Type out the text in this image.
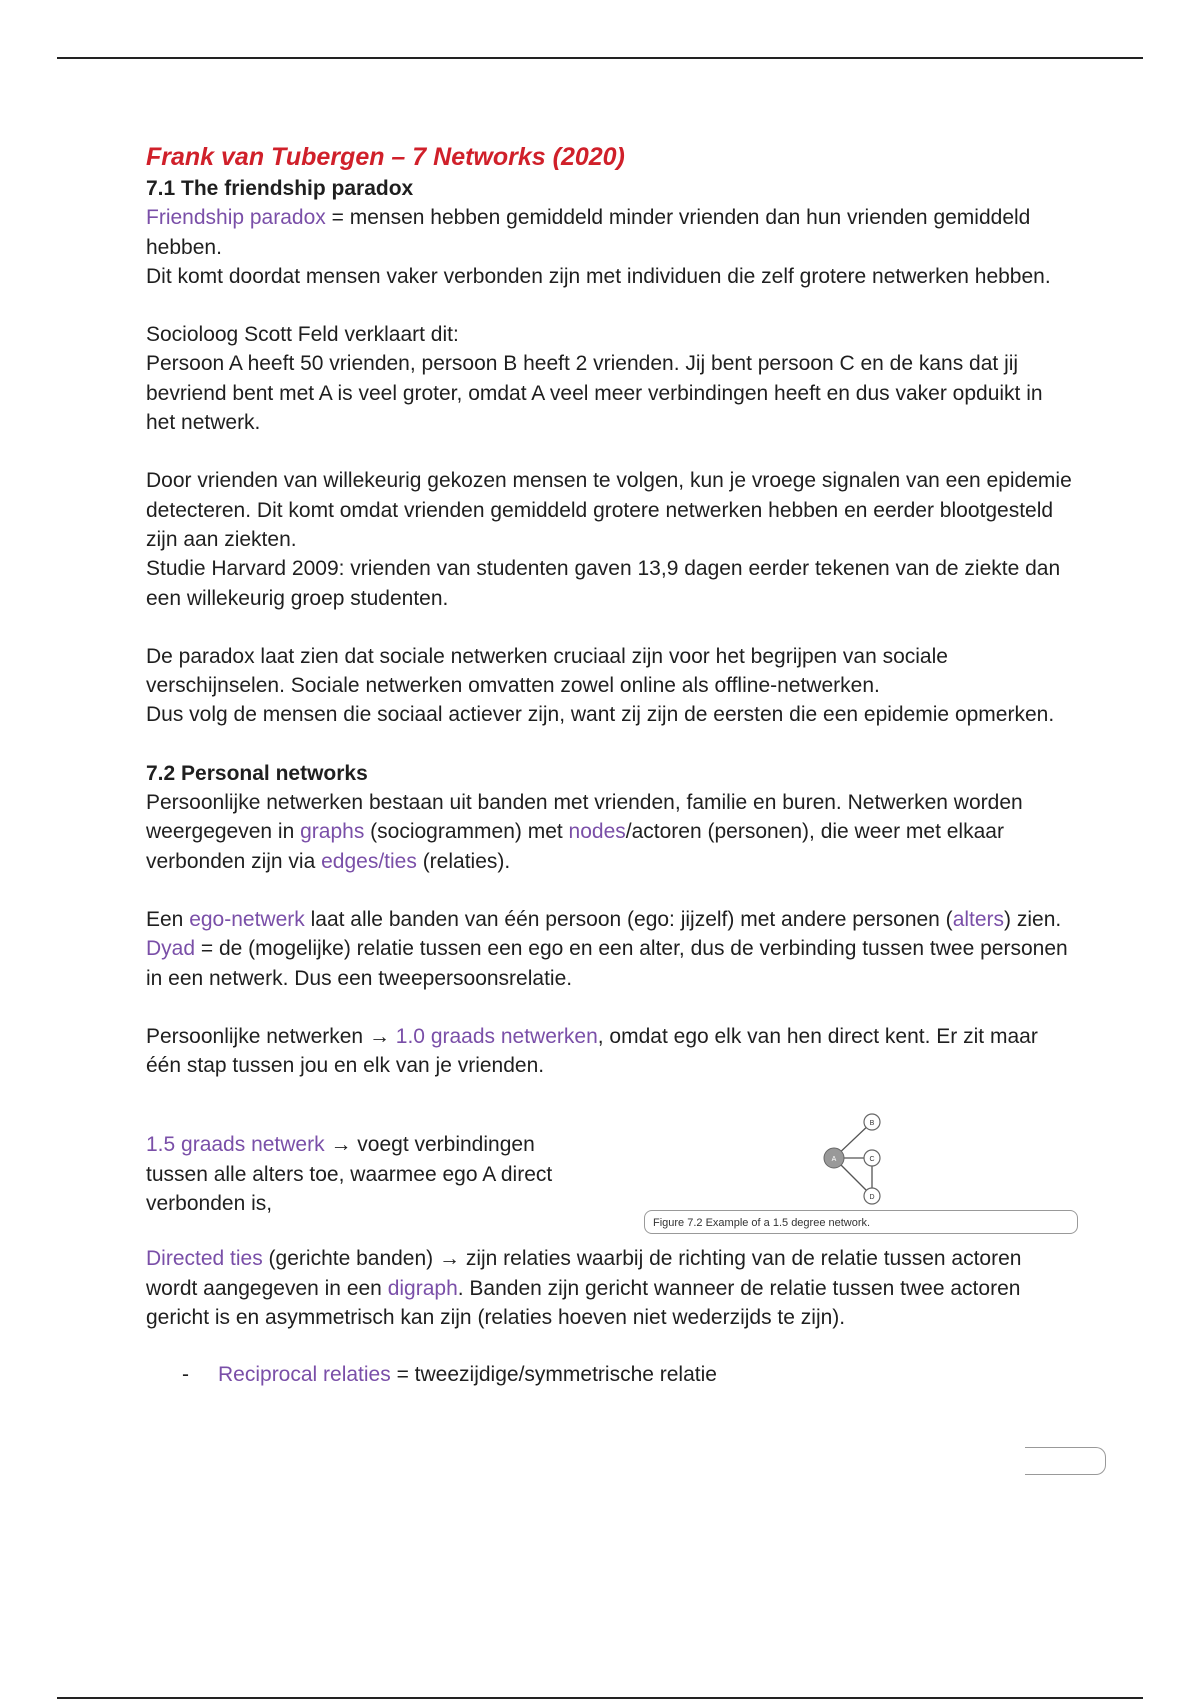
Frank van Tubergen – 7 Networks (2020)

7.1 The friendship paradox

Friendship paradox = mensen hebben gemiddeld minder vrienden dan hun vrienden gemiddeld hebben.

Dit komt doordat mensen vaker verbonden zijn met individuen die zelf grotere netwerken hebben.

Socioloog Scott Feld verklaart dit:

Persoon A heeft 50 vrienden, persoon B heeft 2 vrienden. Jij bent persoon C en de kans dat jij bevriend bent met A is veel groter, omdat A veel meer verbindingen heeft en dus vaker opduikt in het netwerk.

Door vrienden van willekeurig gekozen mensen te volgen, kun je vroege signalen van een epidemie detecteren. Dit komt omdat vrienden gemiddeld grotere netwerken hebben en eerder blootgesteld zijn aan ziekten.

Studie Harvard 2009: vrienden van studenten gaven 13,9 dagen eerder tekenen van de ziekte dan een willekeurig groep studenten.

De paradox laat zien dat sociale netwerken cruciaal zijn voor het begrijpen van sociale verschijnselen. Sociale netwerken omvatten zowel online als offline-netwerken.

Dus volg de mensen die sociaal actiever zijn, want zij zijn de eersten die een epidemie opmerken.

7.2 Personal networks

Persoonlijke netwerken bestaan uit banden met vrienden, familie en buren. Netwerken worden weergegeven in graphs (sociogrammen) met nodes/actoren (personen), die weer met elkaar verbonden zijn via edges/ties (relaties).

Een ego-netwerk laat alle banden van één persoon (ego: jijzelf) met andere personen (alters) zien.

Dyad = de (mogelijke) relatie tussen een ego en een alter, dus de verbinding tussen twee personen in een netwerk. Dus een tweepersoonsrelatie.

Persoonlijke netwerken → 1.0 graads netwerken, omdat ego elk van hen direct kent. Er zit maar één stap tussen jou en elk van je vrienden.

1.5 graads netwerk → voegt verbindingen tussen alle alters toe, waarmee ego A direct verbonden is,

A
B
C
D
Figure 7.2 Example of a 1.5 degree network.

Directed ties (gerichte banden) → zijn relaties waarbij de richting van de relatie tussen actoren wordt aangegeven in een digraph. Banden zijn gericht wanneer de relatie tussen twee actoren gericht is en asymmetrisch kan zijn (relaties hoeven niet wederzijds te zijn).

- Reciprocal relaties = tweezijdige/symmetrische relatie
